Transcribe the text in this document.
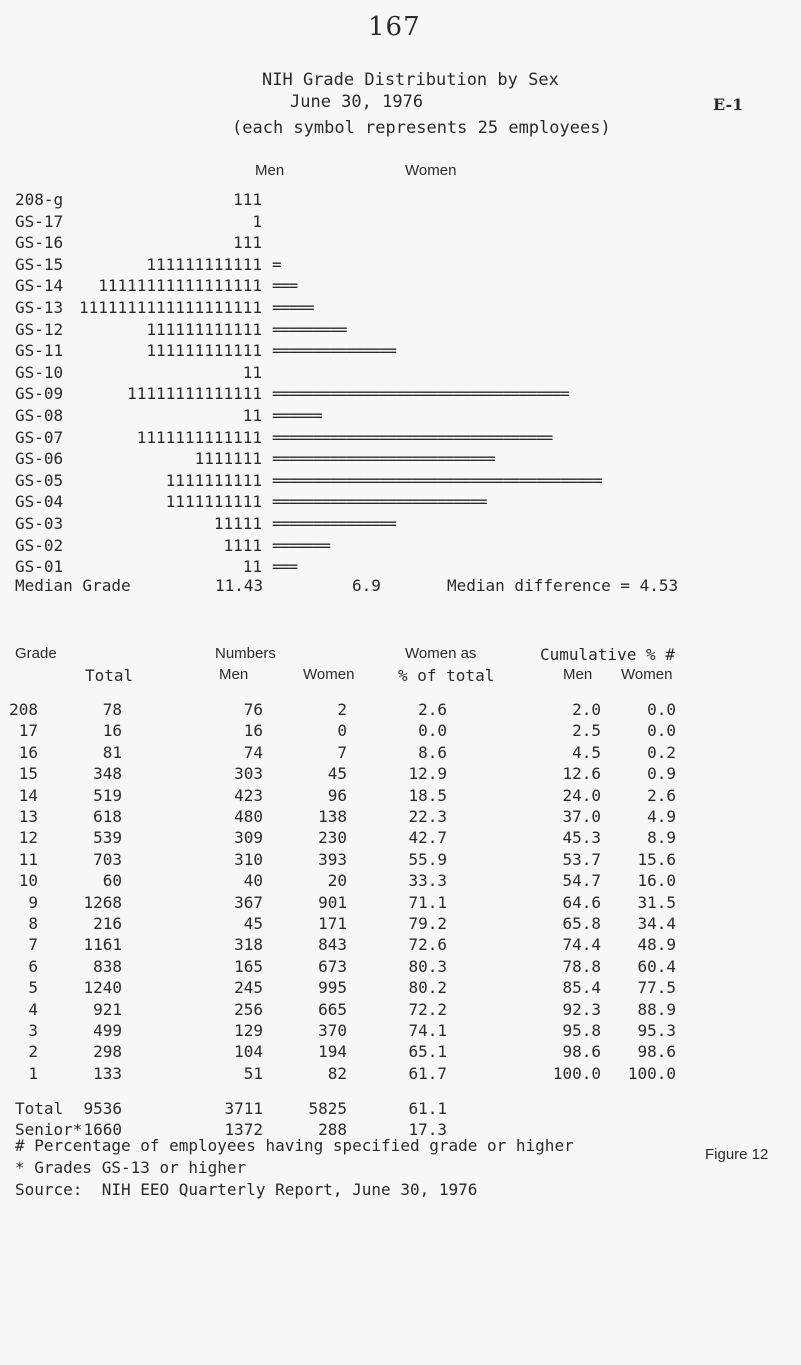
167
E-1
NIH Grade Distribution by Sex
June 30, 1976
(each symbol represents 25 employees)
Men	Women
208-g	111
GS-17	1
GS-16	111
GS-15	111111111111 =
GS-14 11111111111111111 ===
GS-13 1111111111111111111 =====
GS-12	111111111111 =========
GS-11	111111111111 ===============
GS-10	11
GS-09	11111111111111 ====================================
GS-08	11 ======
GS-07	1111111111111 ==================================
GS-06	1111111 ===========================
GS-05	1111111111 ========================================
GS-04	1111111111 ==========================
GS-03	11111 ===============
GS-02	1111 =======
GS-01	11 ===
Median Grade	11.43	6.9	Median difference = 4.53
Grade	Numbers	Women as	Cumulative % #
Total	Men	Women	% of total	Men Women
208	78	76	2	2.6	2.0	0.0
17	16	16	0	0.0	2.5	0.0
16	81	74	7	8.6	4.5	0.2
15	348	303	45	12.9	12.6	0.9
14	519	423	96	18.5	24.0	2.6
13	618	480	138	22.3	37.0	4.9
12	539	309	230	42.7	45.3	8.9
11	703	310	393	55.9	53.7 15.6
10	60	40	20	33.3	54.7 16.0
9	1268	367	901	71.1	64.6 31.5
8	216	45	171	79.2	65.8 34.4
7	1161	318	843	72.6	74.4 48.9
6	838	165	673	80.3	78.8 60.4
5	1240	245	995	80.2	85.4 77.5
4	921	256	665	72.2	92.3 88.9
3	499	129	370	74.1	95.8 95.3
2	298	104	194	65.1	98.6 98.6
1	133	51	82	61.7	100.0 100.0
Total 9536	3711	5825	61.1
Senior* 1660	1372	288	17.3
# Percentage of employees having specified grade or higher
* Grades GS-13 or higher
Source:  NIH EEO Quarterly Report, June 30, 1976
Figure 12
